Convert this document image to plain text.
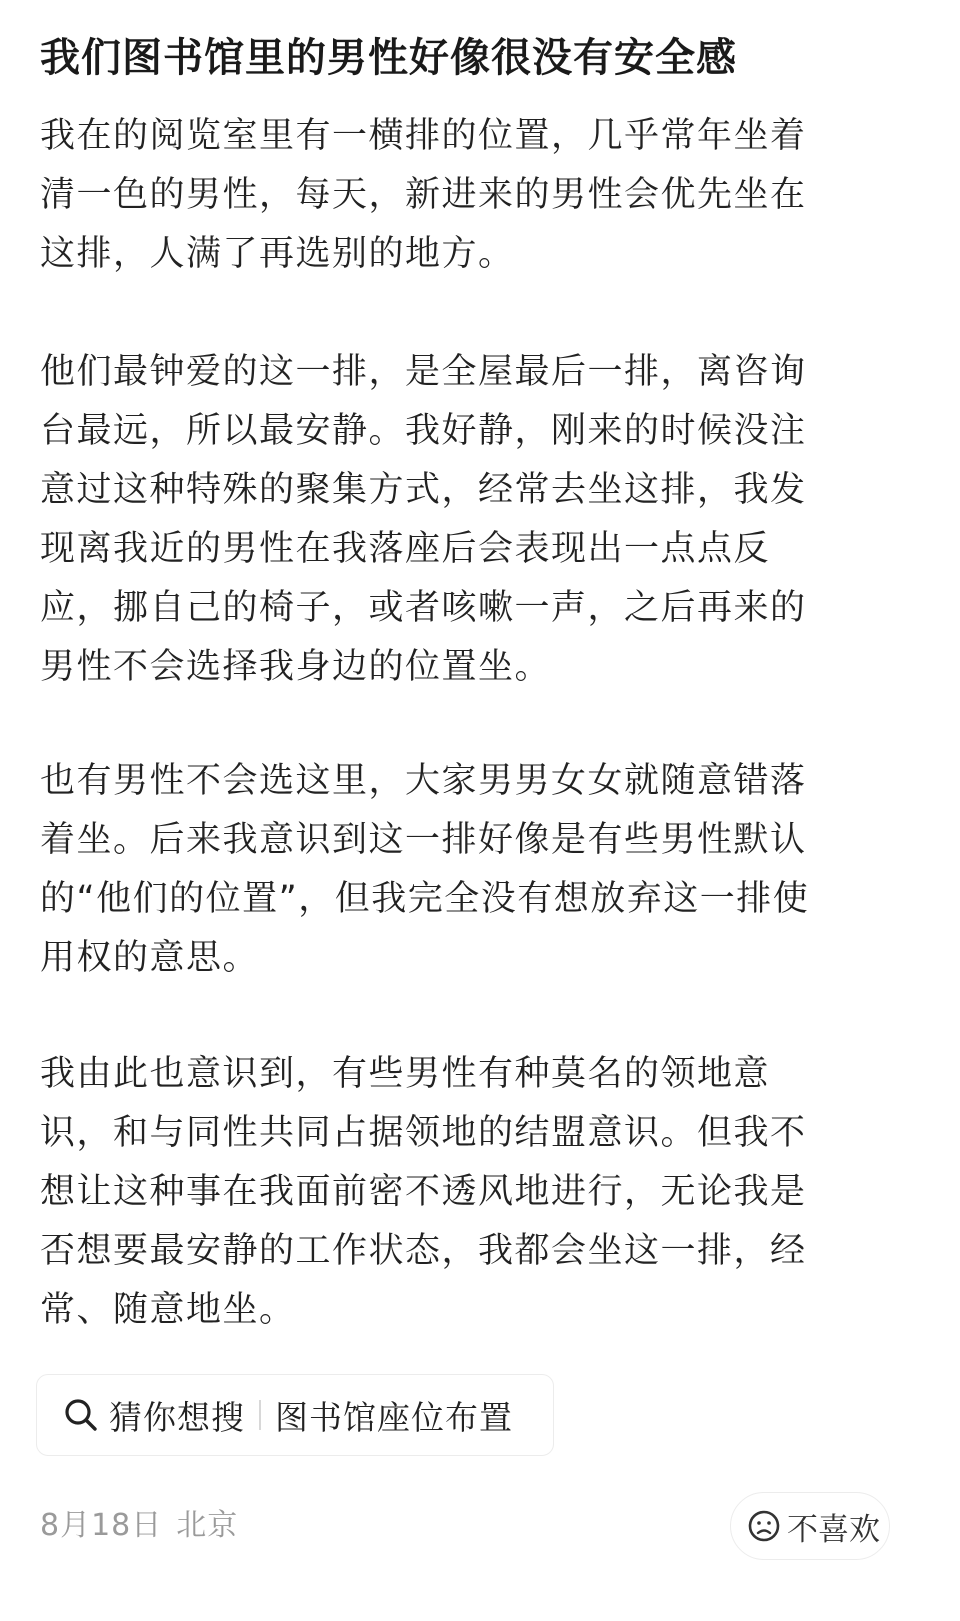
我们图书馆里的男性好像很没有安全感
我在的阅览室里有一横排的位置，几乎常年坐着
清一色的男性，每天，新进来的男性会优先坐在
这排，人满了再选别的地方。
他们最钟爱的这一排，是全屋最后一排，离咨询
台最远，所以最安静。我好静，刚来的时候没注
意过这种特殊的聚集方式，经常去坐这排，我发
现离我近的男性在我落座后会表现出一点点反
应，挪自己的椅子，或者咳嗽一声，之后再来的
男性不会选择我身边的位置坐。
也有男性不会选这里，大家男男女女就随意错落
着坐。后来我意识到这一排好像是有些男性默认
的“他们的位置”，但我完全没有想放弃这一排使
用权的意思。
我由此也意识到，有些男性有种莫名的领地意
识，和与同性共同占据领地的结盟意识。但我不
想让这种事在我面前密不透风地进行，无论我是
否想要最安静的工作状态，我都会坐这一排，经
常、随意地坐。
猜你想搜 图书馆座位布置
8月18日 北京	不喜欢
